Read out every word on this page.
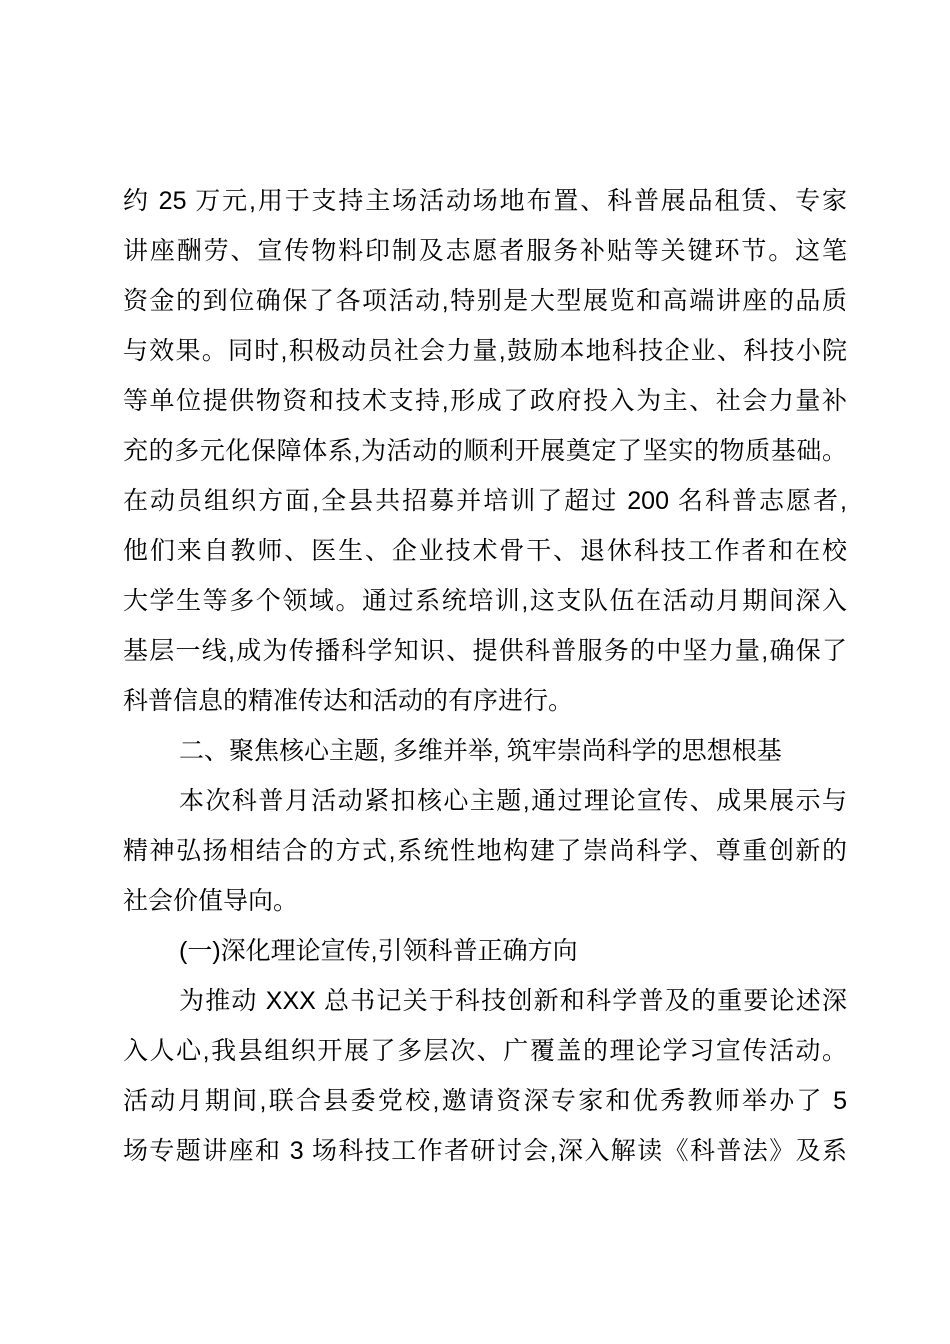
约 25 万元,用于支持主场活动场地布置、科普展品租赁、专家
讲座酬劳、宣传物料印制及志愿者服务补贴等关键环节。这笔
资金的到位确保了各项活动,特别是大型展览和高端讲座的品质
与效果。同时,积极动员社会力量,鼓励本地科技企业、科技小院
等单位提供物资和技术支持,形成了政府投入为主、社会力量补
充的多元化保障体系,为活动的顺利开展奠定了坚实的物质基础。
在动员组织方面,全县共招募并培训了超过 200 名科普志愿者,
他们来自教师、医生、企业技术骨干、退休科技工作者和在校
大学生等多个领域。通过系统培训,这支队伍在活动月期间深入
基层一线,成为传播科学知识、提供科普服务的中坚力量,确保了
科普信息的精准传达和活动的有序进行。
二、聚焦核心主题, 多维并举, 筑牢崇尚科学的思想根基
本次科普月活动紧扣核心主题,通过理论宣传、成果展示与
精神弘扬相结合的方式,系统性地构建了崇尚科学、尊重创新的
社会价值导向。
(一)深化理论宣传,引领科普正确方向
为推动 XXX 总书记关于科技创新和科学普及的重要论述深
入人心,我县组织开展了多层次、广覆盖的理论学习宣传活动。
活动月期间,联合县委党校,邀请资深专家和优秀教师举办了 5
场专题讲座和 3 场科技工作者研讨会,深入解读《科普法》及系
